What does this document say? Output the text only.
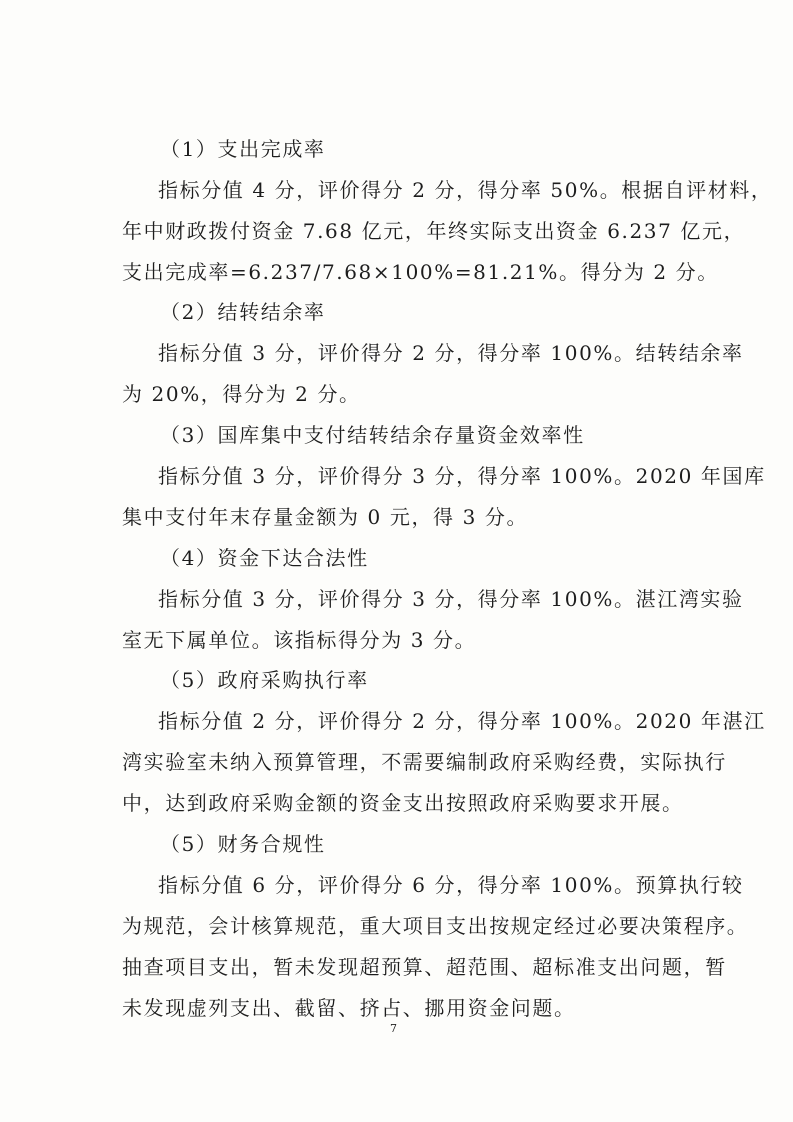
（1）支出完成率
指标分值 4 分，评价得分 2 分，得分率 50%。根据自评材料，
年中财政拨付资金 7.68 亿元，年终实际支出资金 6.237 亿元，
支出完成率=6.237/7.68×100%=81.21%。得分为 2 分。
（2）结转结余率
指标分值 3 分，评价得分 2 分，得分率 100%。结转结余率
为 20%，得分为 2 分。
（3）国库集中支付结转结余存量资金效率性
指标分值 3 分，评价得分 3 分，得分率 100%。2020 年国库
集中支付年末存量金额为 0 元，得 3 分。
（4）资金下达合法性
指标分值 3 分，评价得分 3 分，得分率 100%。湛江湾实验
室无下属单位。该指标得分为 3 分。
（5）政府采购执行率
指标分值 2 分，评价得分 2 分，得分率 100%。2020 年湛江
湾实验室未纳入预算管理，不需要编制政府采购经费，实际执行
中，达到政府采购金额的资金支出按照政府采购要求开展。
（5）财务合规性
指标分值 6 分，评价得分 6 分，得分率 100%。预算执行较
为规范，会计核算规范，重大项目支出按规定经过必要决策程序。
抽查项目支出，暂未发现超预算、超范围、超标准支出问题，暂
未发现虚列支出、截留、挤占、挪用资金问题。
7
